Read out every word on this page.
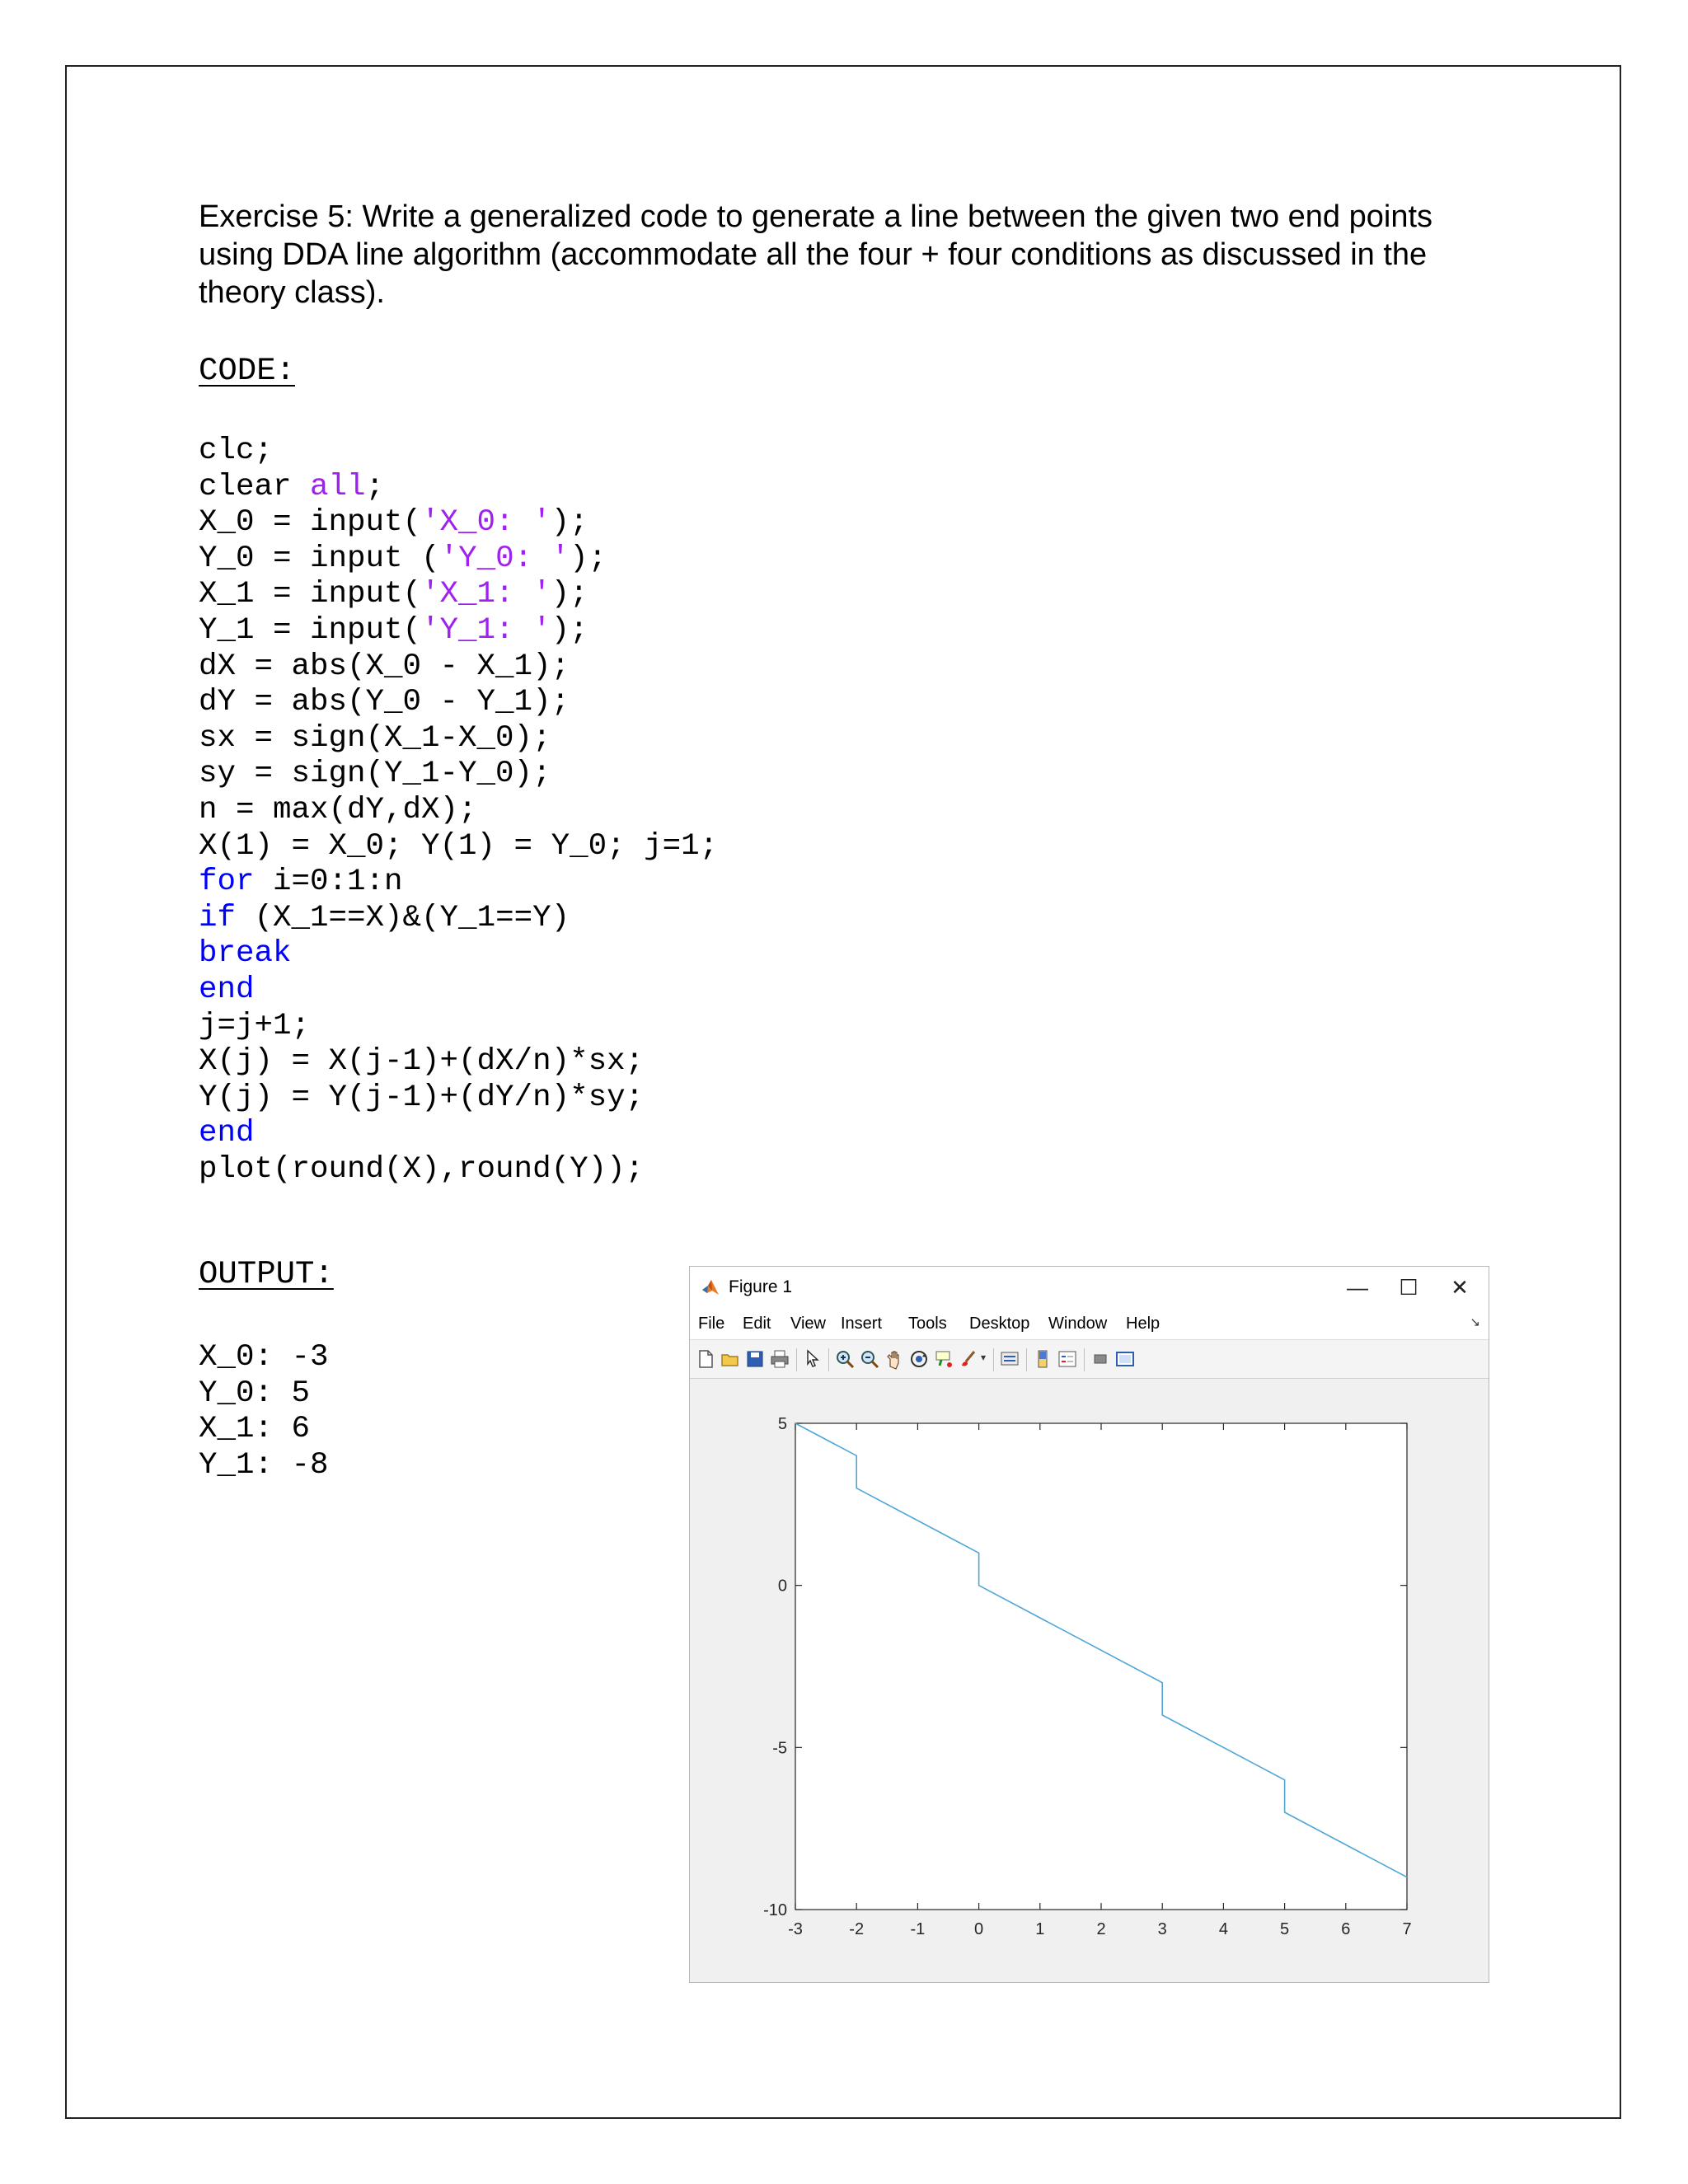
Exercise 5: Write a generalized code to generate a line between the given two end points using DDA line algorithm (accommodate all the four + four conditions as discussed in the theory class).

CODE:
clc;
clear all;
X_0 = input('X_0: ');
Y_0 = input ('Y_0: ');
X_1 = input('X_1: ');
Y_1 = input('Y_1: ');
dX = abs(X_0 - X_1);
dY = abs(Y_0 - Y_1);
sx = sign(X_1-X_0);
sy = sign(Y_1-Y_0);
n = max(dY,dX);
X(1) = X_0; Y(1) = Y_0; j=1;
for i=0:1:n
if (X_1==X)&(Y_1==Y)
break
end
j=j+1;
X(j) = X(j-1)+(dX/n)*sx;
Y(j) = Y(j-1)+(dY/n)*sy;
end
plot(round(X),round(Y));
OUTPUT:
X_0: -3
Y_0: 5
X_1: 6
Y_1: -8
Figure 1	—	☐	✕
File Edit View Insert Tools Desktop Window Help	↘
▾
-3	-2	-1	0	1	2	3	4	5	6	7
-10
-5
0
5
